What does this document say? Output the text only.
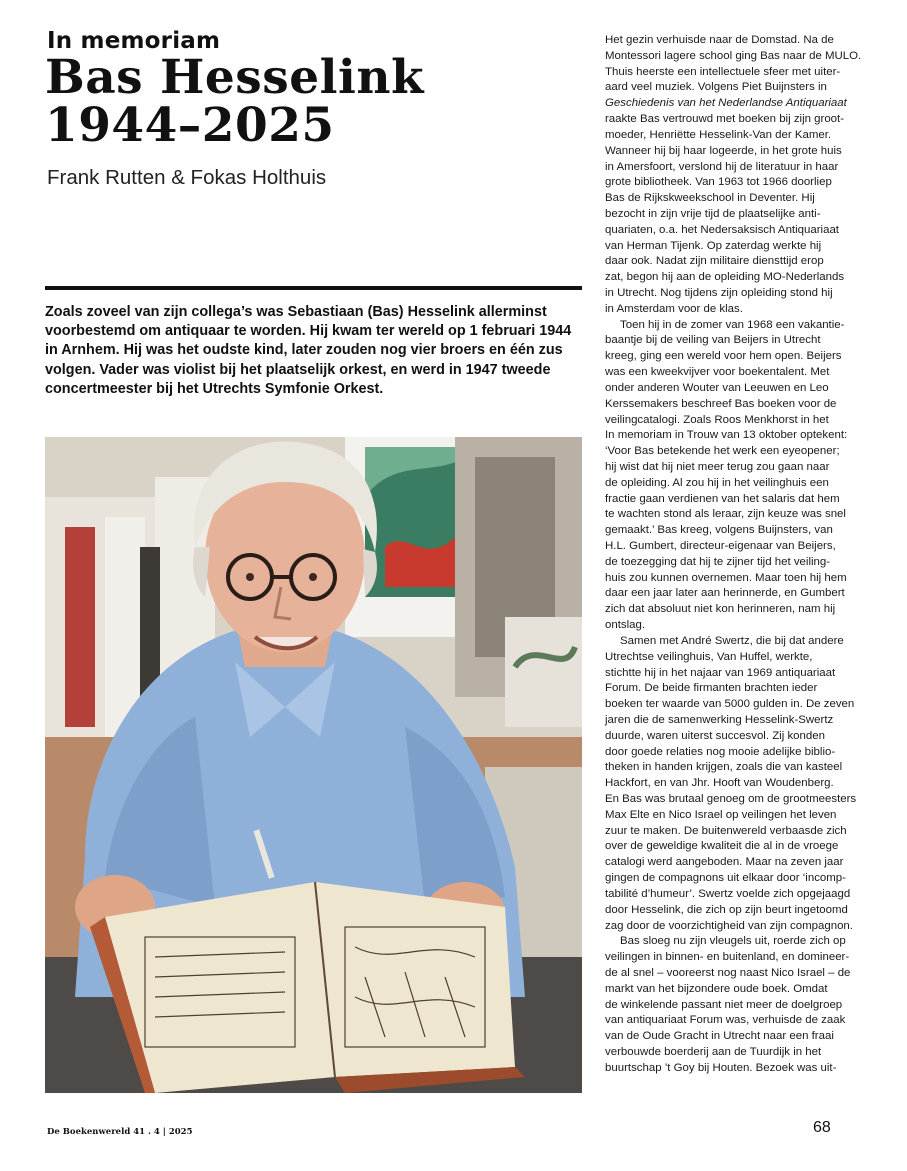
In memoriam
Bas Hesselink
1944–2025
Frank Rutten & Fokas Holthuis
Zoals zoveel van zijn collega’s was Sebastiaan (Bas) Hesselink allerminst voorbestemd om antiquaar te worden. Hij kwam ter wereld op 1 februari 1944 in Arnhem. Hij was het oudste kind, later zouden nog vier broers en één zus volgen. Vader was violist bij het plaatselijk orkest, en werd in 1947 tweede concertmeester bij het Utrechts Symfonie Orkest.
Het gezin verhuisde naar de Domstad. Na de
Montessori lagere school ging Bas naar de MULO.
Thuis heerste een intellectuele sfeer met uiter-
aard veel muziek. Volgens Piet Buijnsters in
Geschiedenis van het Nederlandse Antiquariaat
raakte Bas vertrouwd met boeken bij zijn groot-
moeder, Henriëtte Hesselink-Van der Kamer.
Wanneer hij bij haar logeerde, in het grote huis
in Amersfoort, verslond hij de literatuur in haar
grote bibliotheek. Van 1963 tot 1966 doorliep
Bas de Rijkskweekschool in Deventer. Hij
bezocht in zijn vrije tijd de plaatselijke anti-
quariaten, o.a. het Nedersaksisch Antiquariaat
van Herman Tijenk. Op zaterdag werkte hij
daar ook. Nadat zijn militaire diensttijd erop
zat, begon hij aan de opleiding MO-Nederlands
in Utrecht. Nog tijdens zijn opleiding stond hij
in Amsterdam voor de klas.
Toen hij in de zomer van 1968 een vakantie-
baantje bij de veiling van Beijers in Utrecht
kreeg, ging een wereld voor hem open. Beijers
was een kweekvijver voor boekentalent. Met
onder anderen Wouter van Leeuwen en Leo
Kerssemakers beschreef Bas boeken voor de
veilingcatalogi. Zoals Roos Menkhorst in het
In memoriam in Trouw van 13 oktober optekent:
‘Voor Bas betekende het werk een eyeopener;
hij wist dat hij niet meer terug zou gaan naar
de opleiding. Al zou hij in het veilinghuis een
fractie gaan verdienen van het salaris dat hem
te wachten stond als leraar, zijn keuze was snel
gemaakt.’ Bas kreeg, volgens Buijnsters, van
H.L. Gumbert, directeur-eigenaar van Beijers,
de toezegging dat hij te zijner tijd het veiling-
huis zou kunnen overnemen. Maar toen hij hem
daar een jaar later aan herinnerde, en Gumbert
zich dat absoluut niet kon herinneren, nam hij
ontslag.
Samen met André Swertz, die bij dat andere
Utrechtse veilinghuis, Van Huffel, werkte,
stichtte hij in het najaar van 1969 antiquariaat
Forum. De beide firmanten brachten ieder
boeken ter waarde van 5000 gulden in. De zeven
jaren die de samenwerking Hesselink-Swertz
duurde, waren uiterst succesvol. Zij konden
door goede relaties nog mooie adelijke biblio-
theken in handen krijgen, zoals die van kasteel
Hackfort, en van Jhr. Hooft van Woudenberg.
En Bas was brutaal genoeg om de grootmeesters
Max Elte en Nico Israel op veilingen het leven
zuur te maken. De buitenwereld verbaasde zich
over de geweldige kwaliteit die al in de vroege
catalogi werd aangeboden. Maar na zeven jaar
gingen de compagnons uit elkaar door ‘incomp-
tabilité d’humeur’. Swertz voelde zich opgejaagd
door Hesselink, die zich op zijn beurt ingetoomd
zag door de voorzichtigheid van zijn compagnon.
Bas sloeg nu zijn vleugels uit, roerde zich op
veilingen in binnen- en buitenland, en domineer-
de al snel – vooreerst nog naast Nico Israel – de
markt van het bijzondere oude boek. Omdat
de winkelende passant niet meer de doelgroep
van antiquariaat Forum was, verhuisde de zaak
van de Oude Gracht in Utrecht naar een fraai
verbouwde boerderij aan de Tuurdijk in het
buurtschap ’t Goy bij Houten. Bezoek was uit-
De Boekenwereld 41 . 4 | 2025	68
